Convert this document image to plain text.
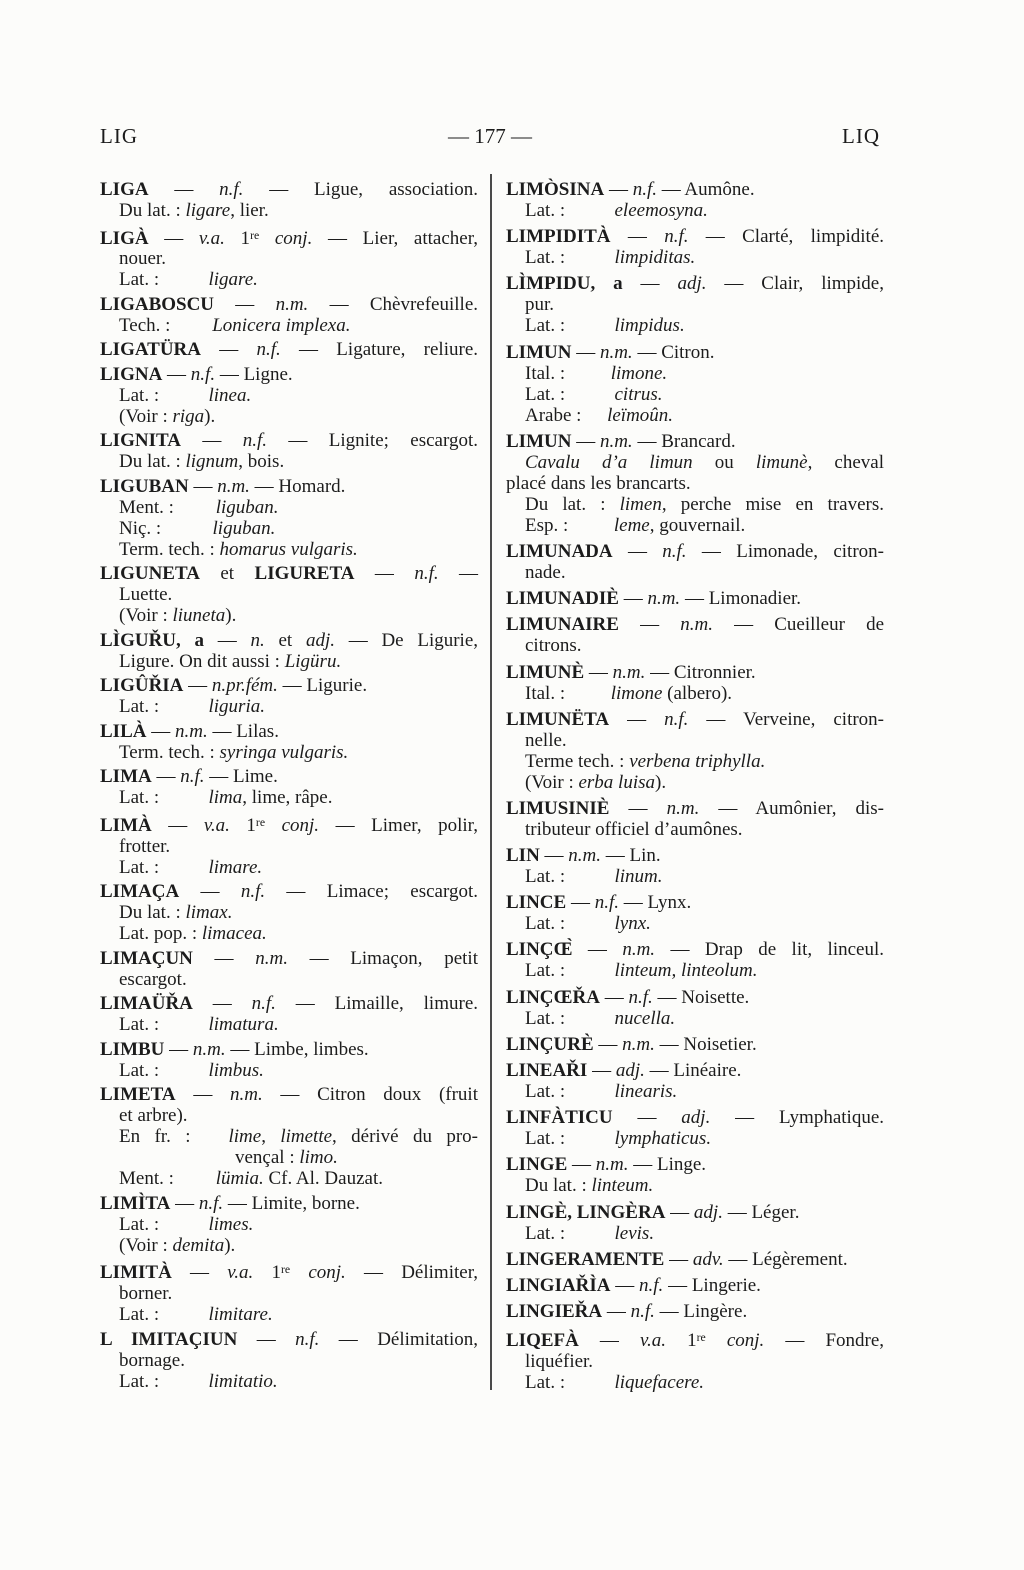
LIG	— 177 —	LIQ
LIGA — n.f. — Ligue, association.
Du lat. : ligare, lier.
LIGÀ — v.a. 1re conj. — Lier, attacher,
nouer.
Lat. :	ligare.
LIGABOSCU — n.m. — Chèvrefeuille.
Tech. : Lonicera implexa.
LIGATÜRA — n.f. — Ligature, reliure.
LIGNA — n.f. — Ligne.
Lat. :	linea.
(Voir : riga).
LIGNITA — n.f. — Lignite; escargot.
Du lat. : lignum, bois.
LIGUBAN — n.m. — Homard.
Ment. : liguban.
Niç. :	liguban.
Term. tech. : homarus vulgaris.
LIGUNETA et LIGURETA — n.f. —
Luette.
(Voir : liuneta).
LÌGUŘU, a — n. et adj. — De Ligurie,
Ligure. On dit aussi : Ligüru.
LIGÛŘIA — n.pr.fém. — Ligurie.
Lat. :	liguria.
LILÀ — n.m. — Lilas.
Term. tech. : syringa vulgaris.
LIMA — n.f. — Lime.
Lat. :	lima, lime, râpe.
LIMÀ — v.a. 1re conj. — Limer, polir,
frotter.
Lat. :	limare.
LIMAÇA — n.f. — Limace; escargot.
Du lat. : limax.
Lat. pop. : limacea.
LIMAÇUN — n.m. — Limaçon, petit
escargot.
LIMAÜŘA — n.f. — Limaille, limure.
Lat. :	limatura.
LIMBU — n.m. — Limbe, limbes.
Lat. :	limbus.
LIMETA — n.m. — Citron doux (fruit
et arbre).
En fr. : lime, limette, dérivé du pro-
vençal : limo.
Ment. : lümia. Cf. Al. Dauzat.
LIMÌTA — n.f. — Limite, borne.
Lat. :	limes.
(Voir : demita).
LIMITÀ — v.a. 1re conj. — Délimiter,
borner.
Lat. :	limitare.
L IMITAÇIUN — n.f. — Délimitation,
bornage.
Lat. :	limitatio.
LIMÒSINA — n.f. — Aumône.
Lat. :	eleemosyna.
LIMPIDITÀ — n.f. — Clarté, limpidité.
Lat. :	limpiditas.
LÌMPIDU, a — adj. — Clair, limpide,
pur.
Lat. :	limpidus.
LIMUN — n.m. — Citron.
Ital. : limone.
Lat. :	citrus.
Arabe : leïmoûn.
LIMUN — n.m. — Brancard.
Cavalu d’a limun ou limunè, cheval
placé dans les brancarts.
Du lat. : limen, perche mise en travers.
Esp. : leme, gouvernail.
LIMUNADA — n.f. — Limonade, citron-
nade.
LIMUNADIÈ — n.m. — Limonadier.
LIMUNAIRE — n.m. — Cueilleur de
citrons.
LIMUNÈ — n.m. — Citronnier.
Ital. : limone (albero).
LIMUNËTA — n.f. — Verveine, citron-
nelle.
Terme tech. : verbena triphylla.
(Voir : erba luisa).
LIMUSINIÈ — n.m. — Aumônier, dis-
tributeur officiel d’aumônes.
LIN — n.m. — Lin.
Lat. :	linum.
LINCE — n.f. — Lynx.
Lat. :	lynx.
LINÇŒ̀ — n.m. — Drap de lit, linceul.
Lat. :	linteum, linteolum.
LINÇŒŘA — n.f. — Noisette.
Lat. :	nucella.
LINÇURÈ — n.m. — Noisetier.
LINEAŘI — adj. — Linéaire.
Lat. :	linearis.
LINFÀTICU — adj. — Lymphatique.
Lat. :	lymphaticus.
LINGE — n.m. — Linge.
Du lat. : linteum.
LINGÈ, LINGÈRA — adj. — Léger.
Lat. :	levis.
LINGERAMENTE — adv. — Légèrement.
LINGIAŘÌA — n.f. — Lingerie.
LINGIEŘA — n.f. — Lingère.
LIQEFÀ — v.a. 1re conj. — Fondre,
liquéfier.
Lat. :	liquefacere.
